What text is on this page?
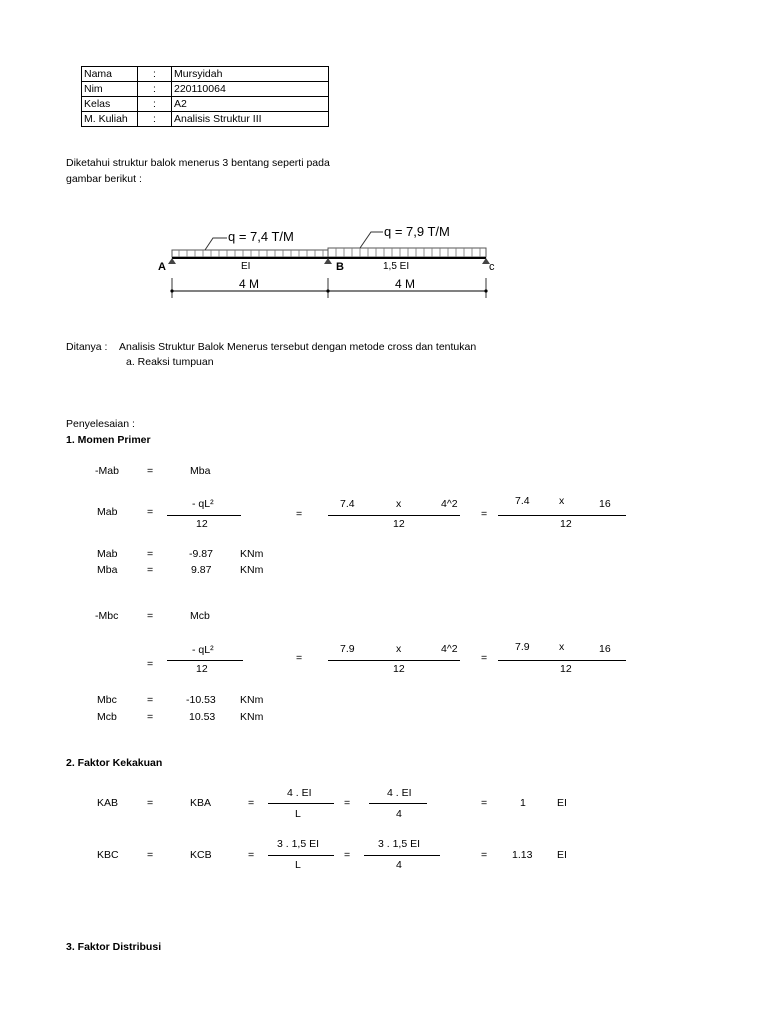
Nama	:	Mursyidah
Nim	:	220110064
Kelas	:	A2
M. Kuliah	:	Analisis Struktur III
Diketahui struktur balok menerus 3 bentang seperti pada
gambar berikut :
q = 7,4 T/M	q = 7,9 T/M
A	B	c
EI	1,5 EI
4 M	4 M
Ditanya : Analisis Struktur Balok Menerus tersebut dengan metode cross dan tentukan
a. Reaksi tumpuan
Penyelesaian :
1. Momen Primer
-Mab	=	Mba
Mab	=
- qL²
12
=
7.4	x	4^2
12
=
7.4	x	16
12
Mab	=	-9.87	KNm
Mba	=	9.87	KNm
-Mbc	=	Mcb
=
- qL²
12
=
7.9	x	4^2
12
=
7.9	x	16
12
Mbc	=	-10.53 KNm
Mcb	=	10.53 KNm
2. Faktor Kekakuan
KAB	=	KBA	=
4 . EI
L
=
4 . EI
4
=	1	EI
KBC	=	KCB	=
3 . 1,5 EI
L
=
3 . 1,5 EI
4
= 1.13 EI
3. Faktor Distribusi
